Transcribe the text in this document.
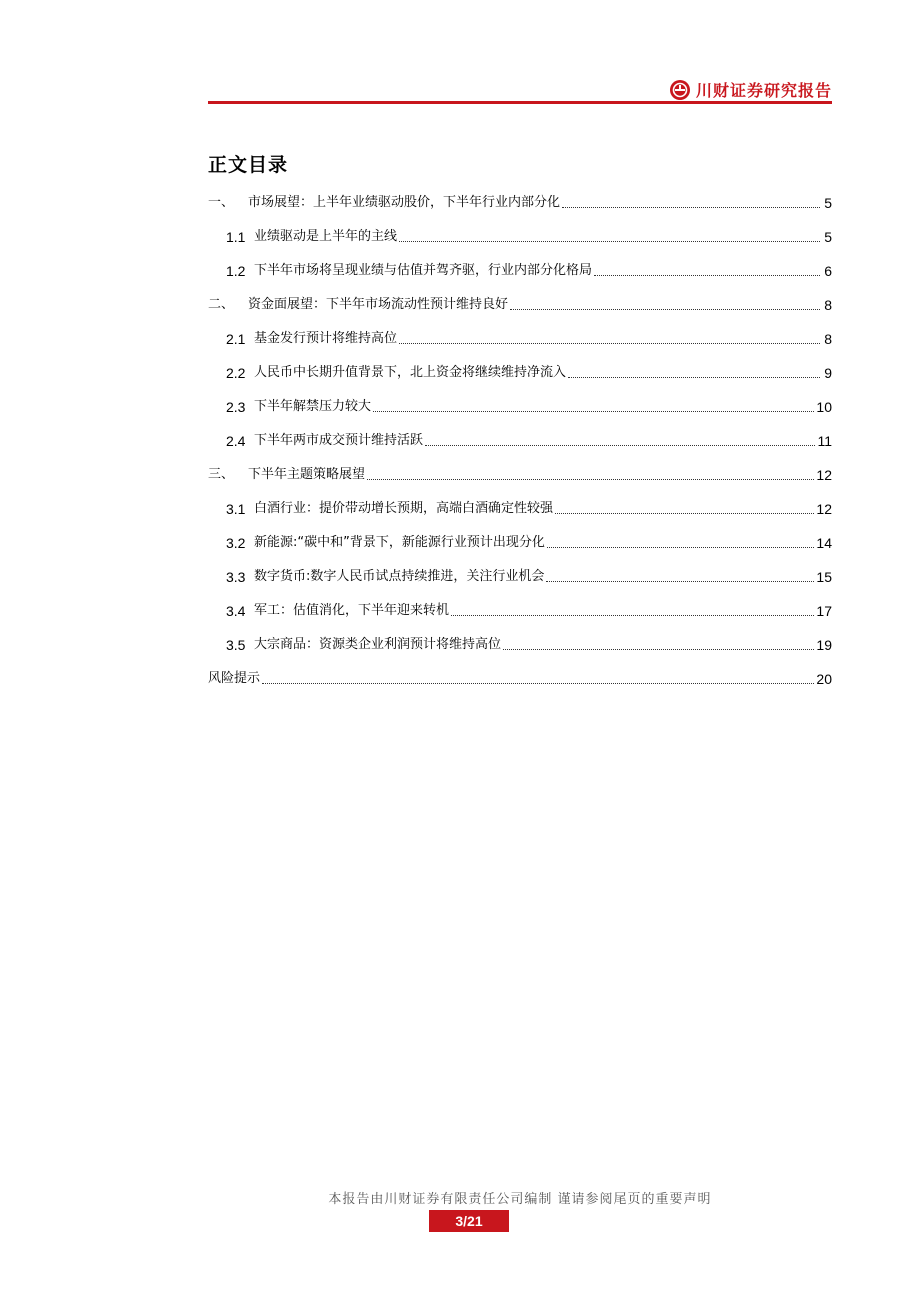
川财证券研究报告
正文目录
一、	市场展望：上半年业绩驱动股价，下半年行业内部分化	5
1.1 业绩驱动是上半年的主线	5
1.2 下半年市场将呈现业绩与估值并驾齐驱，行业内部分化格局	6
二、	资金面展望：下半年市场流动性预计维持良好	8
2.1 基金发行预计将维持高位	8
2.2 人民币中长期升值背景下，北上资金将继续维持净流入	9
2.3 下半年解禁压力较大	10
2.4 下半年两市成交预计维持活跃	11
三、	下半年主题策略展望	12
3.1 白酒行业：提价带动增长预期，高端白酒确定性较强	12
3.2 新能源:“碳中和”背景下，新能源行业预计出现分化	14
3.3 数字货币:数字人民币试点持续推进，关注行业机会	15
3.4 军工：估值消化，下半年迎来转机	17
3.5 大宗商品：资源类企业利润预计将维持高位	19
风险提示	20
本报告由川财证券有限责任公司编制 谨请参阅尾页的重要声明
3/21
